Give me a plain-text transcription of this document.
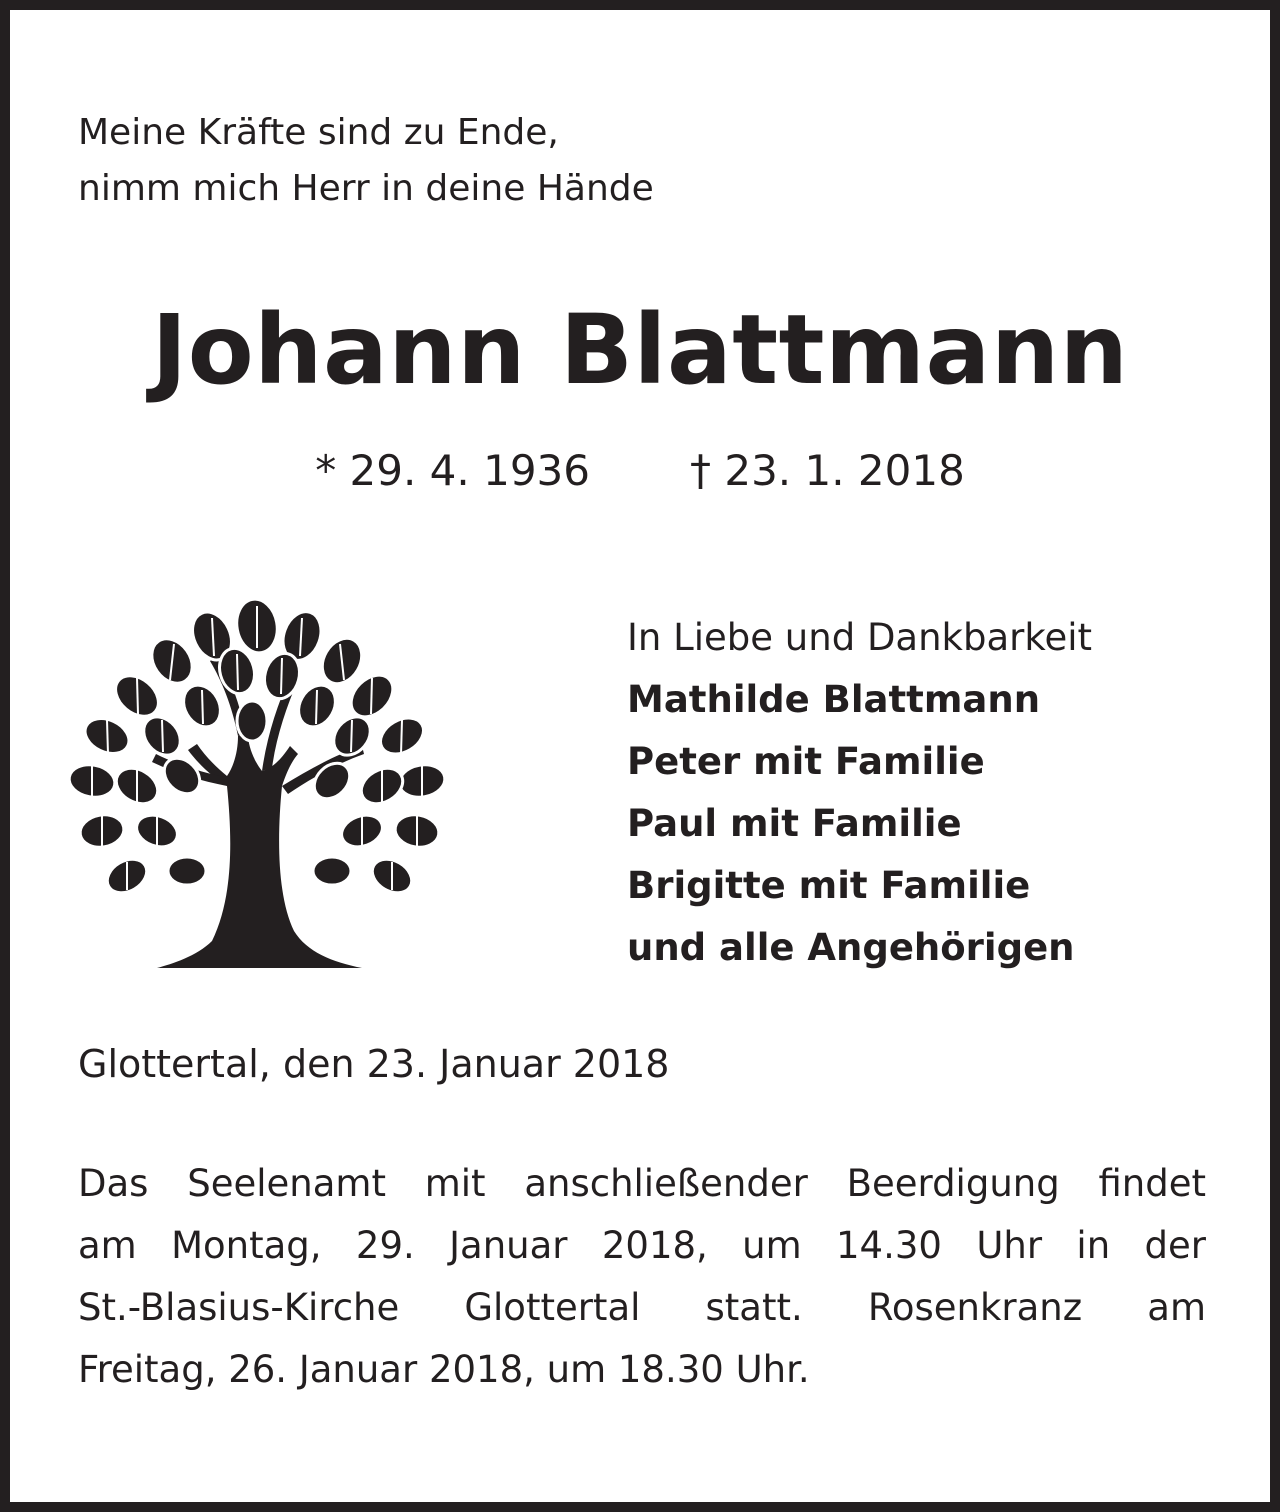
Meine Kräfte sind zu Ende,
nimm mich Herr in deine Hände
Johann Blattmann
* 29. 4. 1936 † 23. 1. 2018
In Liebe und Dankbarkeit
Mathilde Blattmann
Peter mit Familie
Paul mit Familie
Brigitte mit Familie
und alle Angehörigen
Glottertal, den 23. Januar 2018
Das Seelenamt mit anschließender Beerdigung findet
am Montag, 29. Januar 2018, um 14.30 Uhr in der
St.-Blasius-Kirche Glottertal statt. Rosenkranz am
Freitag, 26. Januar 2018, um 18.30 Uhr.
